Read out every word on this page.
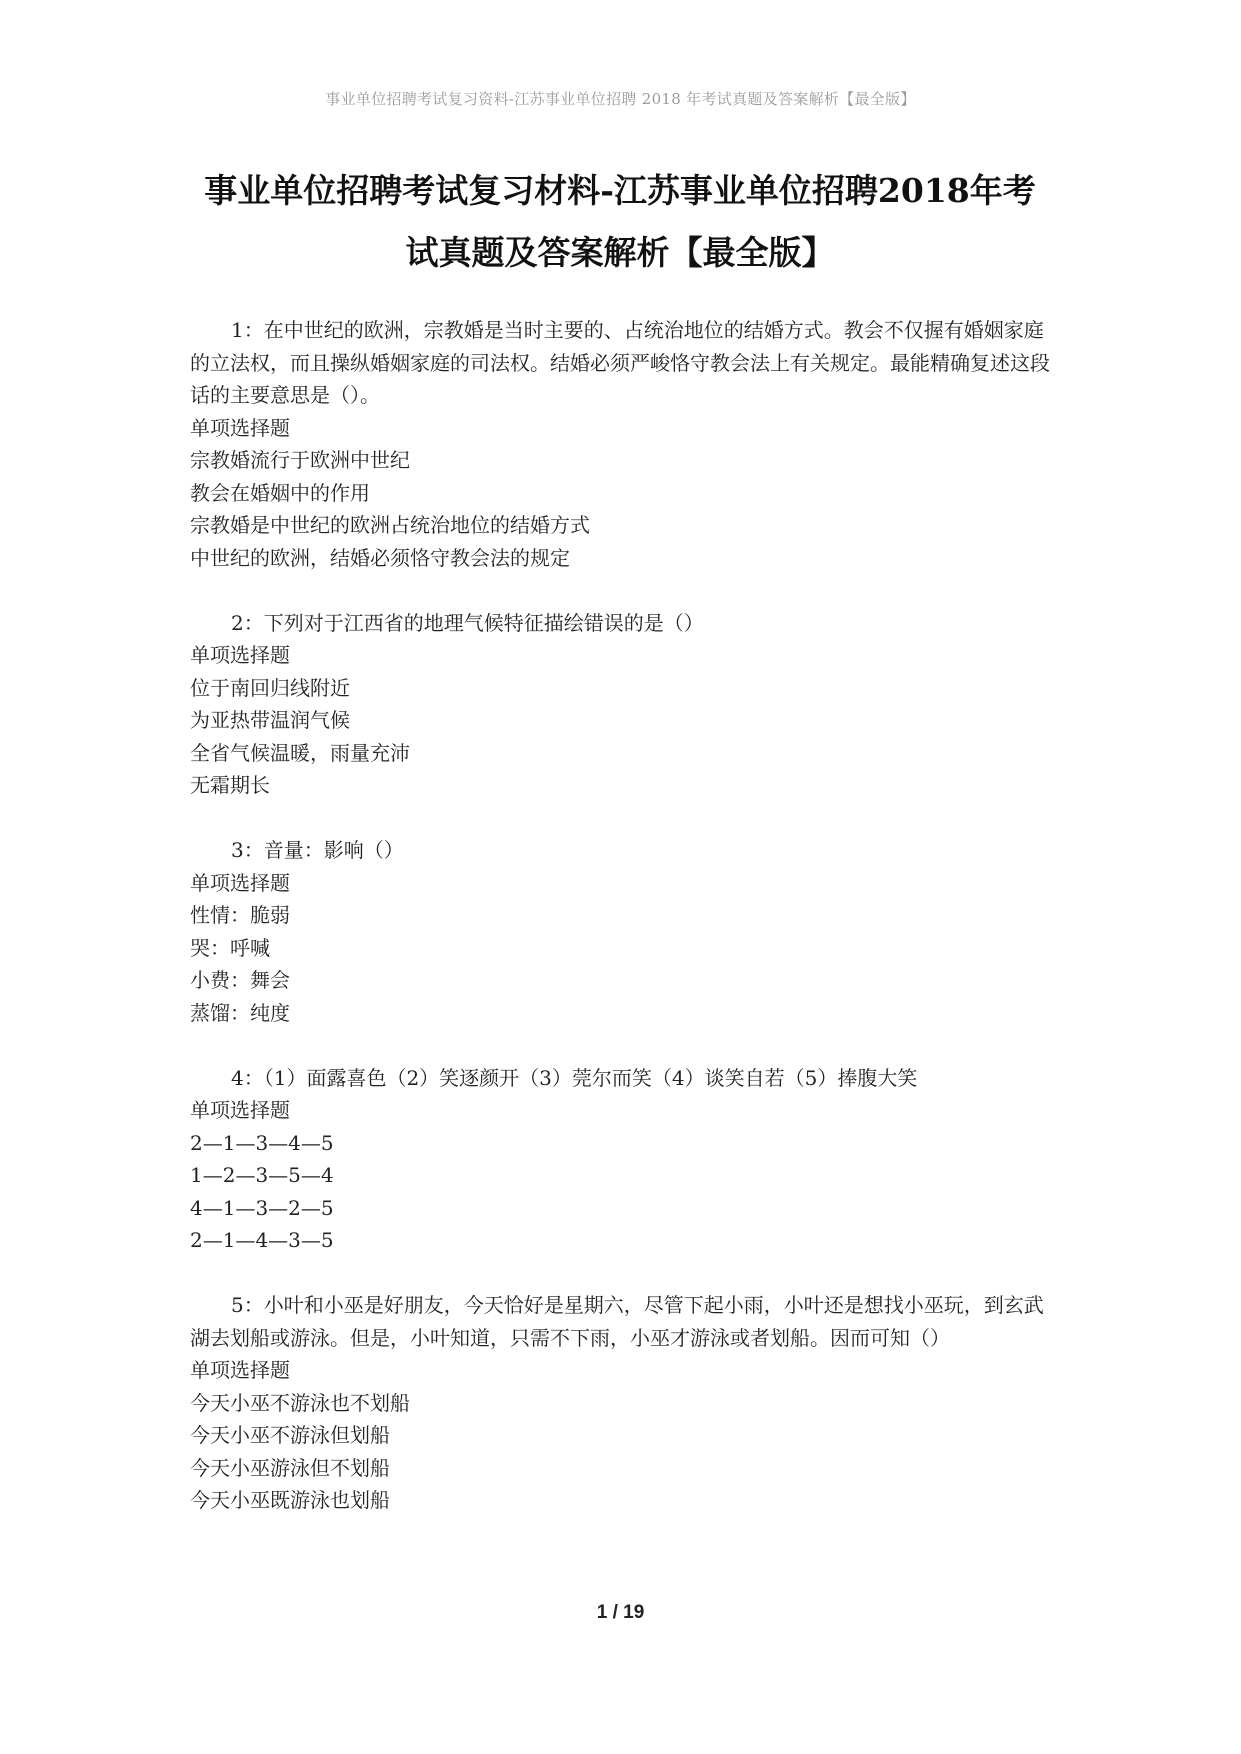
事业单位招聘考试复习资料-江苏事业单位招聘 2018 年考试真题及答案解析【最全版】
事业单位招聘考试复习材料-江苏事业单位招聘2018年考
试真题及答案解析【最全版】

1：在中世纪的欧洲，宗教婚是当时主要的、占统治地位的结婚方式。教会不仅握有婚姻家庭的立法权，而且操纵婚姻家庭的司法权。结婚必须严峻恪守教会法上有关规定。最能精确复述这段话的主要意思是（）。

单项选择题

宗教婚流行于欧洲中世纪

教会在婚姻中的作用

宗教婚是中世纪的欧洲占统治地位的结婚方式

中世纪的欧洲，结婚必须恪守教会法的规定

2：下列对于江西省的地理气候特征描绘错误的是（）

单项选择题

位于南回归线附近

为亚热带温润气候

全省气候温暖，雨量充沛

无霜期长

3：音量：影响（）

单项选择题

性情：脆弱

哭：呼喊

小费：舞会

蒸馏：纯度

4：（1）面露喜色（2）笑逐颜开（3）莞尔而笑（4）谈笑自若（5）捧腹大笑

单项选择题

2—1—3—4—5

1—2—3—5—4

4—1—3—2—5

2—1—4—3—5

5：小叶和小巫是好朋友，今天恰好是星期六，尽管下起小雨，小叶还是想找小巫玩，到玄武湖去划船或游泳。但是，小叶知道，只需不下雨，小巫才游泳或者划船。因而可知（）

单项选择题

今天小巫不游泳也不划船

今天小巫不游泳但划船

今天小巫游泳但不划船

今天小巫既游泳也划船

1 / 19
